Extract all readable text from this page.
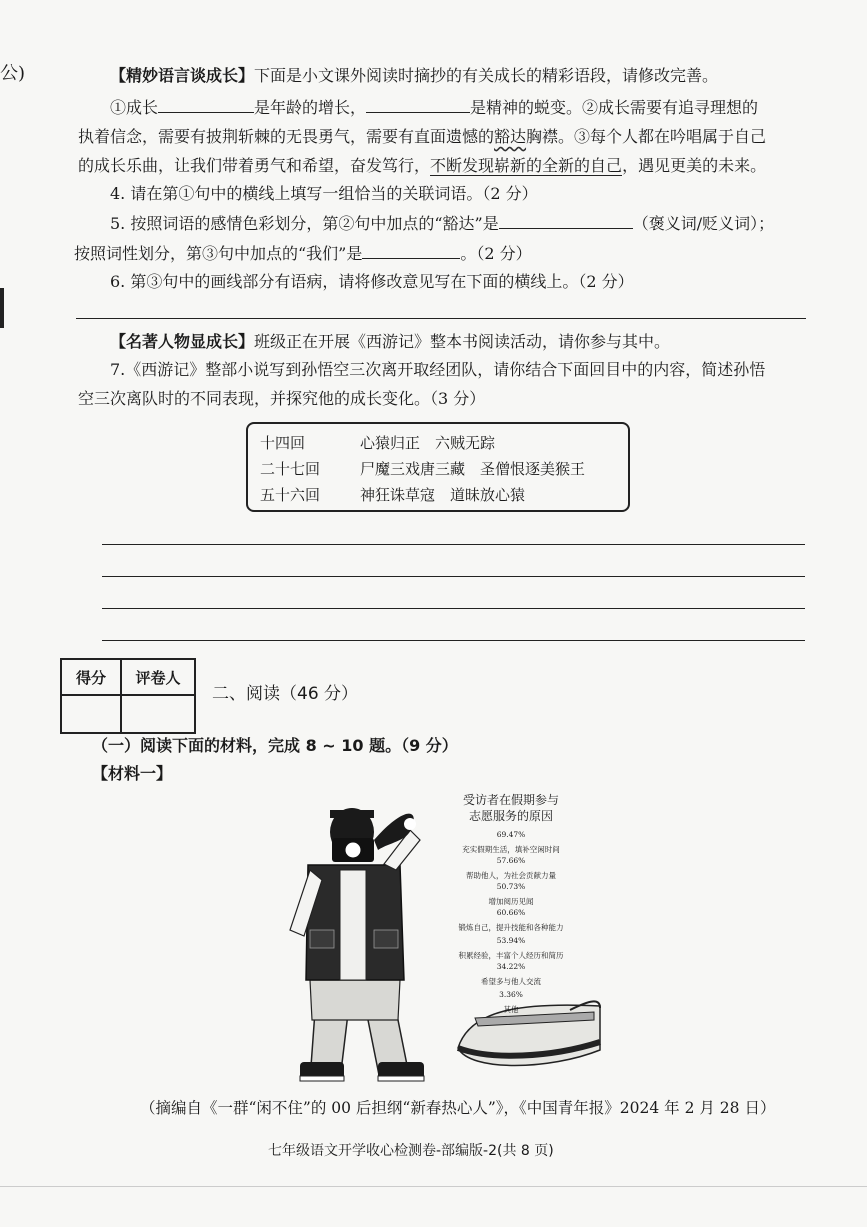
公)	【精妙语言谈成长】下面是小文课外阅读时摘抄的有关成长的精彩语段，请修改完善。
①成长	是年龄的增长，	是精神的蜕变。②成长需要有追寻理想的
执着信念，需要有披荆斩棘的无畏勇气，需要有直面遗憾的豁达胸襟。③每个人都在吟唱属于自己
的成长乐曲，让我们带着勇气和希望，奋发笃行，不断发现崭新的全新的自己，遇见更美的未来。
4. 请在第①句中的横线上填写一组恰当的关联词语。（2 分）
5. 按照词语的感情色彩划分，第②句中加点的“豁达”是	（褒义词/贬义词）；
按照词性划分，第③句中加点的“我们”是	。（2 分）
6. 第③句中的画线部分有语病，请将修改意见写在下面的横线上。（2 分）
【名著人物显成长】班级正在开展《西游记》整本书阅读活动，请你参与其中。
7.《西游记》整部小说写到孙悟空三次离开取经团队，请你结合下面回目中的内容，简述孙悟
空三次离队时的不同表现，并探究他的成长变化。（3 分）
十四回	心猿归正　六贼无踪
二十七回	尸魔三戏唐三藏　圣僧恨逐美猴王
五十六回	神狂诛草寇　道昧放心猿
得分	评卷人

二、阅读（46 分）
（一）阅读下面的材料，完成 8 ~ 10 题。（9 分）
【材料一】
受访者在假期参与
志愿服务的原因
69.47%
充实假期生活，填补空闲时间
57.66%
帮助他人，为社会贡献力量
50.73%
增加阅历见闻
60.66%
锻炼自己，提升技能和各种能力
53.94%
积累经验，丰富个人经历和简历
34.22%
希望多与他人交流
3.36%
其他
（摘编自《一群“闲不住”的 00 后担纲“新春热心人”》，《中国青年报》2024 年 2 月 28 日）
七年级语文开学收心检测卷-部编版-2(共 8 页)
